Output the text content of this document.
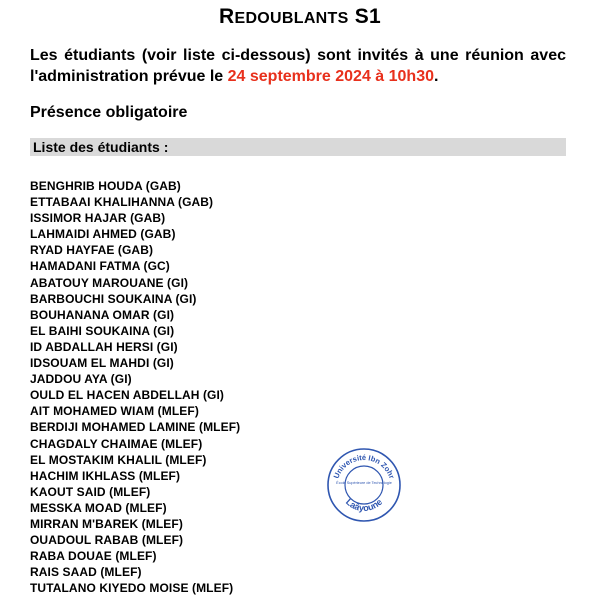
REDOUBLANTS S1
Les étudiants (voir liste ci-dessous) sont invités à une réunion avec l'administration prévue le 24 septembre 2024 à 10h30.
Présence obligatoire
Liste des étudiants :
BENGHRIB HOUDA (GAB)
ETTABAAI KHALIHANNA (GAB)
ISSIMOR HAJAR (GAB)
LAHMAIDI AHMED (GAB)
RYAD HAYFAE (GAB)
HAMADANI FATMA (GC)
ABATOUY MAROUANE (GI)
BARBOUCHI SOUKAINA (GI)
BOUHANANA OMAR (GI)
EL BAIHI SOUKAINA (GI)
ID ABDALLAH HERSI (GI)
IDSOUAM EL MAHDI (GI)
JADDOU AYA (GI)
OULD EL HACEN ABDELLAH (GI)
AIT MOHAMED WIAM (MLEF)
BERDIJI MOHAMED LAMINE (MLEF)
CHAGDALY CHAIMAE (MLEF)
EL MOSTAKIM KHALIL (MLEF)
HACHIM IKHLASS (MLEF)
KAOUT SAID (MLEF)
MESSKA MOAD (MLEF)
MIRRAN M'BAREK (MLEF)
OUADOUL RABAB (MLEF)
RABA DOUAE (MLEF)
RAIS SAAD (MLEF)
TUTALANO KIYEDO MOISE (MLEF)
Université Ibn Zohr
École Supérieure de Technologie
Laâyoune
